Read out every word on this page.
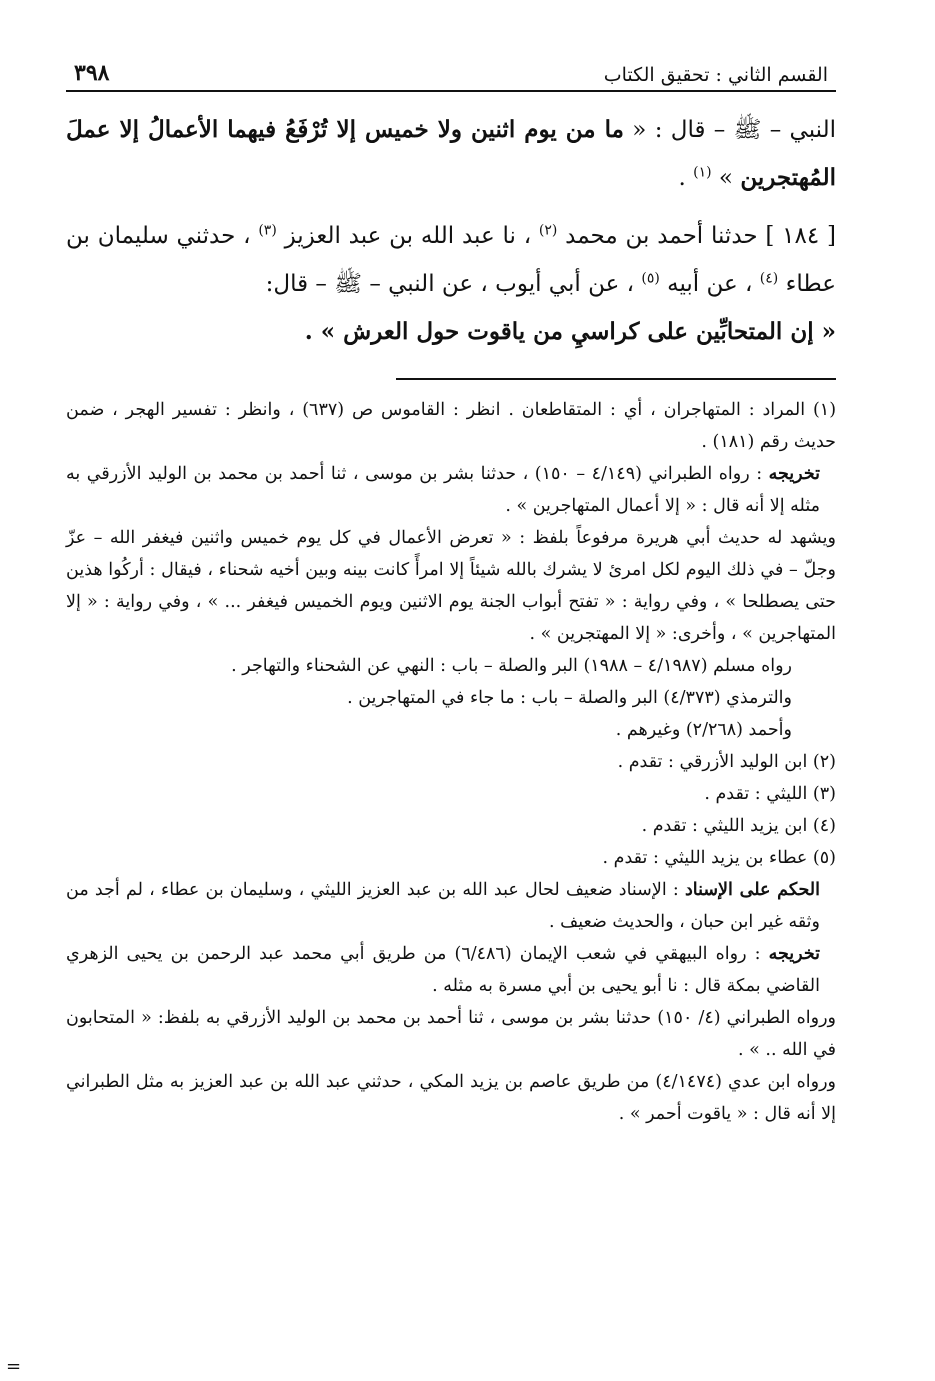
القسم الثاني : تحقيق الكتاب
٣٩٨

النبي – ﷺ – قال : « ما من يوم اثنين ولا خميس إلا تُرْفَعُ فيهما الأعمالُ إلا عملَ المُهتجرين » $^{(١)}$ .

[ ١٨٤ ] حدثنا أحمد بن محمد $^{(٢)}$ ، نا عبد الله بن عبد العزيز $^{(٣)}$ ، حدثني سليمان بن عطاء $^{(٤)}$ ، عن أبيه $^{(٥)}$ ، عن أبي أيوب ، عن النبي – ﷺ – قال:

« إن المتحابِّين على كراسيِ من ياقوت حول العرش » .

(١) المراد : المتهاجران ، أي : المتقاطعان . انظر : القاموس ص (٦٣٧) ، وانظر : تفسير الهجر ، ضمن حديث رقم (١٨١) .

تخريجه : رواه الطبراني (٤/١٤٩ – ١٥٠) ، حدثنا بشر بن موسى ، ثنا أحمد بن محمد بن الوليد الأزرقي به مثله إلا أنه قال : « إلا أعمال المتهاجرين » .

ويشهد له حديث أبي هريرة مرفوعاً بلفظ : « تعرض الأعمال في كل يوم خميس واثنين فيغفر الله – عزّ وجلّ – في ذلك اليوم لكل امرئ لا يشرك بالله شيئاً إلا امرأً كانت بينه وبين أخيه شحناء ، فيقال : أركُوا هذين حتى يصطلحا » ، وفي رواية : « تفتح أبواب الجنة يوم الاثنين ويوم الخميس فيغفر ... » ، وفي رواية : « إلا المتهاجرين » ، وأخرى: « إلا المهتجرين » .

رواه مسلم (٤/١٩٨٧ – ١٩٨٨) البر والصلة – باب : النهي عن الشحناء والتهاجر .

والترمذي (٤/٣٧٣) البر والصلة – باب : ما جاء في المتهاجرين .

وأحمد (٢/٢٦٨) وغيرهم .

(٢) ابن الوليد الأزرقي : تقدم .

(٣) الليثي : تقدم .

(٤) ابن يزيد الليثي : تقدم .

(٥) عطاء بن يزيد الليثي : تقدم .

الحكم على الإسناد : الإسناد ضعيف لحال عبد الله بن عبد العزيز الليثي ، وسليمان بن عطاء ، لم أجد من وثقه غير ابن حبان ، والحديث ضعيف .

تخريجه : رواه البيهقي في شعب الإيمان (٦/٤٨٦) من طريق أبي محمد عبد الرحمن بن يحيى الزهري القاضي بمكة قال : نا أبو يحيى بن أبي مسرة به مثله .

ورواه الطبراني (٤/ ١٥٠) حدثنا بشر بن موسى ، ثنا أحمد بن محمد بن الوليد الأزرقي به بلفظ: « المتحابون في الله .. » .

ورواه ابن عدي (٤/١٤٧٤) من طريق عاصم بن يزيد المكي ، حدثني عبد الله بن عبد العزيز به مثل الطبراني إلا أنه قال : « ياقوت أحمر » .

=
